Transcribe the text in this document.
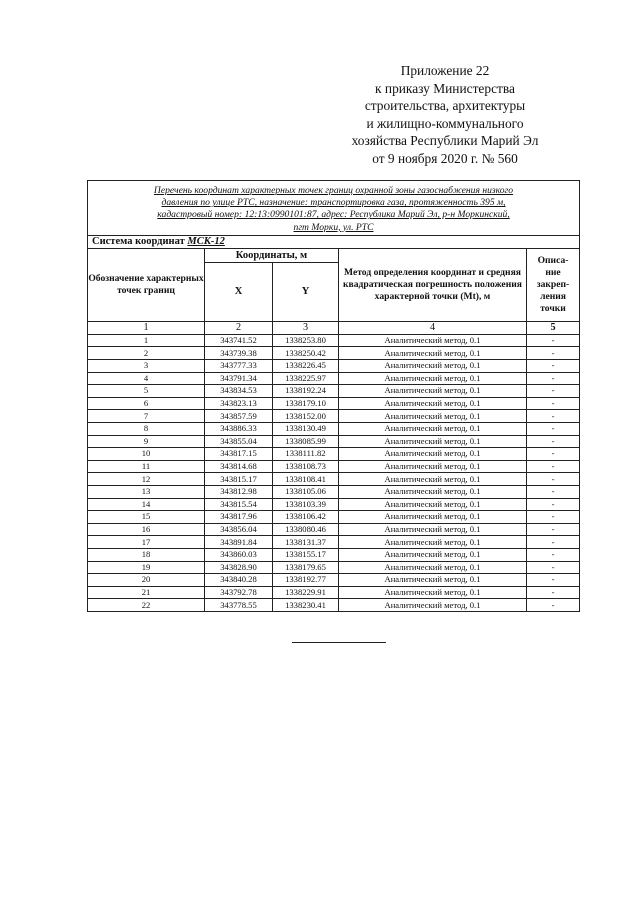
Приложение 22
к приказу Министерства
строительства, архитектуры
и жилищно-коммунального
хозяйства Республики Марий Эл
от 9 ноября 2020 г. № 560
Перечень координат характерных точек границ охранной зоны газоснабжения низкого
давления по улице РТС, назначение: транспортировка газа, протяженность 395 м,
кадастровый номер: 12:13:0990101:87, адрес: Республика Марий Эл, р-н Моркинский,
пгт Морки, ул. РТС				
Система координат МСК-12				
Обозначение характерных точек границ	Координаты, м		Метод определения координат и средняя квадратическая погрешность положения характерной точки (Mt), м	Описа-
ние
закреп-
ления
точки
	X	Y		
1	2	3	4	5
1	343741.52	1338253.80	Аналитический метод, 0.1	-
2	343739.38	1338250.42	Аналитический метод, 0.1	-
3	343777.33	1338226.45	Аналитический метод, 0.1	-
4	343791.34	1338225.97	Аналитический метод, 0.1	-
5	343834.53	1338192.24	Аналитический метод, 0.1	-
6	343823.13	1338179.10	Аналитический метод, 0.1	-
7	343857.59	1338152.00	Аналитический метод, 0.1	-
8	343886.33	1338130.49	Аналитический метод, 0.1	-
9	343855.04	1338085.99	Аналитический метод, 0.1	-
10	343817.15	1338111.82	Аналитический метод, 0.1	-
11	343814.68	1338108.73	Аналитический метод, 0.1	-
12	343815.17	1338108.41	Аналитический метод, 0.1	-
13	343812.98	1338105.06	Аналитический метод, 0.1	-
14	343815.54	1338103.39	Аналитический метод, 0.1	-
15	343817.96	1338106.42	Аналитический метод, 0.1	-
16	343856.04	1338080.46	Аналитический метод, 0.1	-
17	343891.84	1338131.37	Аналитический метод, 0.1	-
18	343860.03	1338155.17	Аналитический метод, 0.1	-
19	343828.90	1338179.65	Аналитический метод, 0.1	-
20	343840.28	1338192.77	Аналитический метод, 0.1	-
21	343792.78	1338229.91	Аналитический метод, 0.1	-
22	343778.55	1338230.41	Аналитический метод, 0.1	-
